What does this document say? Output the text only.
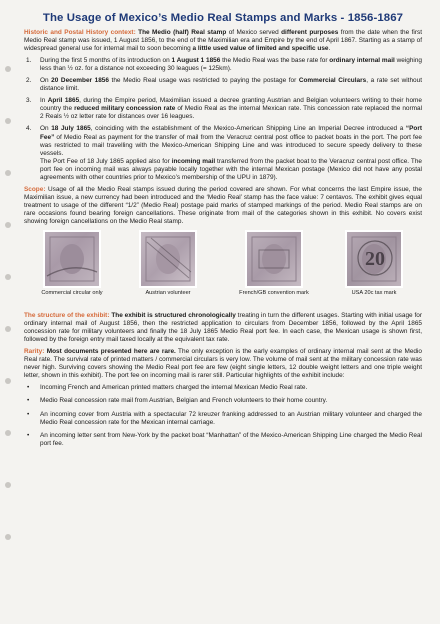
The Usage of Mexico’s Medio Real Stamps and Marks - 1856-1867

Historic and Postal History context: The Medio (half) Real stamp of Mexico served different purposes from the date when the first Medio Real stamp was issued, 1 August 1856, to the end of the Maximilian era and Empire by the end of April 1867. Starting as a stamp of widespread general use for internal mail to soon becoming a little used value of limited and specific use.

1. During the first 5 months of its introduction on 1 August 1 1856 the Medio Real was the base rate for ordinary internal mail weighing less than ½ oz. for a distance not exceeding 30 leagues (= 125km).
2. On 20 December 1856 the Medio Real usage was restricted to paying the postage for Commercial Circulars, a rate set without distance limit.
3. In April 1865, during the Empire period, Maximilian issued a decree granting Austrian and Belgian volunteers writing to their home country the reduced military concession rate of Medio Real as the internal Mexican rate. This concession rate replaced the normal 2 Reals ½ oz letter rate for distances over 16 leagues.
4. On 18 July 1865, coinciding with the establishment of the Mexico-American Shipping Line an Imperial Decree introduced a “Port Fee” of Medio Real as payment for the transfer of mail from the Veracruz central post office to packet boats in the port. The port fee was restricted to mail travelling with the Mexico-American Shipping Line and was introduced to secure speedy delivery to these vessels.
The Port Fee of 18 July 1865 applied also for incoming mail transferred from the packet boat to the Veracruz central post office. The port fee on incoming mail was always payable locally together with the internal Mexican postage (Mexico did not have any postal agreements with other countries prior to Mexico’s membership of the UPU in 1879).

Scope: Usage of all the Medio Real stamps issued during the period covered are shown. For what concerns the last Empire issue, the Maximilian issue, a new currency had been introduced and the ‘Medio Real’ stamp has the face value: 7 centavos. The exhibit gives equal treatment to usage of the different “1/2” (Medio Real) postage paid marks of stamped markings of the period. Medio Real stamps are on rare occasions found bearing foreign cancellations. These originate from mail of the categories shown in this exhibit. No covers exist showing foreign cancellations on the Medio Real stamp.

Commercial circular only	Austrian volunteer	French/GB convention mark
20
USA 20c tax mark

The structure of the exhibit: The exhibit is structured chronologically treating in turn the different usages. Starting with initial usage for ordinary internal mail of August 1856, then the restricted application to circulars from December 1856, followed by the April 1865 concession rate for military volunteers and finally the 18 July 1865 Medio Real port fee. In each case, the Mexican usage is shown first, followed by the foreign entry mail taxed locally at the equivalent tax rate.

Rarity: Most documents presented here are rare. The only exception is the early examples of ordinary internal mail sent at the Medio Real rate. The survival rate of printed matters / commercial circulars is very low. The volume of mail sent at the military concession rate was never high. Surviving covers showing the Medio Real port fee are few (eight single letters, 12 double weight letters and one triple weight letter, shown in this exhibit). The port fee on incoming mail is rarer still. Particular highlights of the exhibit include:

• Incoming French and American printed matters charged the internal Mexican Medio Real rate.
• Medio Real concession rate mail from Austrian, Belgian and French volunteers to their home country.
• An incoming cover from Austria with a spectacular 72 kreuzer franking addressed to an Austrian military volunteer and charged the Medio Real concession rate for the Mexican internal carriage.
• An incoming letter sent from New-York by the packet boat “Manhattan” of the Mexico-American Shipping Line charged the Medio Real port fee.
